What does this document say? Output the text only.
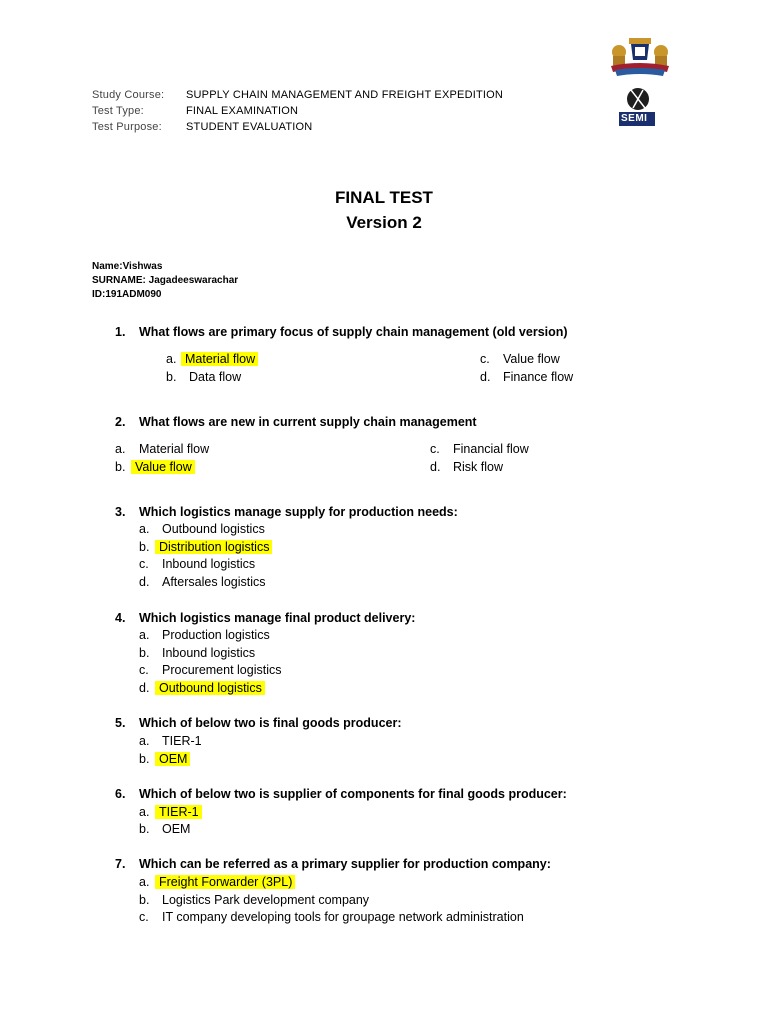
SEMI
Study Course: SUPPLY CHAIN MANAGEMENT AND FREIGHT EXPEDITION
Test Type:	FINAL EXAMINATION
Test Purpose: STUDENT EVALUATION
FINAL TEST
Version 2
Name:Vishwas
SURNAME: Jagadeeswarachar
ID:191ADM090
1. What flows are primary focus of supply chain management (old version)
a. Material flow
b. Data flow
c. Value flow
d. Finance flow
2. What flows are new in current supply chain management
a. Material flow
b. Value flow
c. Financial flow
d. Risk flow
3. Which logistics manage supply for production needs:
a. Outbound logistics
b. Distribution logistics
c. Inbound logistics
d. Aftersales logistics
4. Which logistics manage final product delivery:
a. Production logistics
b. Inbound logistics
c. Procurement logistics
d. Outbound logistics
5. Which of below two is final goods producer:
a. TIER-1
b. OEM
6. Which of below two is supplier of components for final goods producer:
a. TIER-1
b. OEM
7. Which can be referred as a primary supplier for production company:
a. Freight Forwarder (3PL)
b. Logistics Park development company
c. IT company developing tools for groupage network administration
